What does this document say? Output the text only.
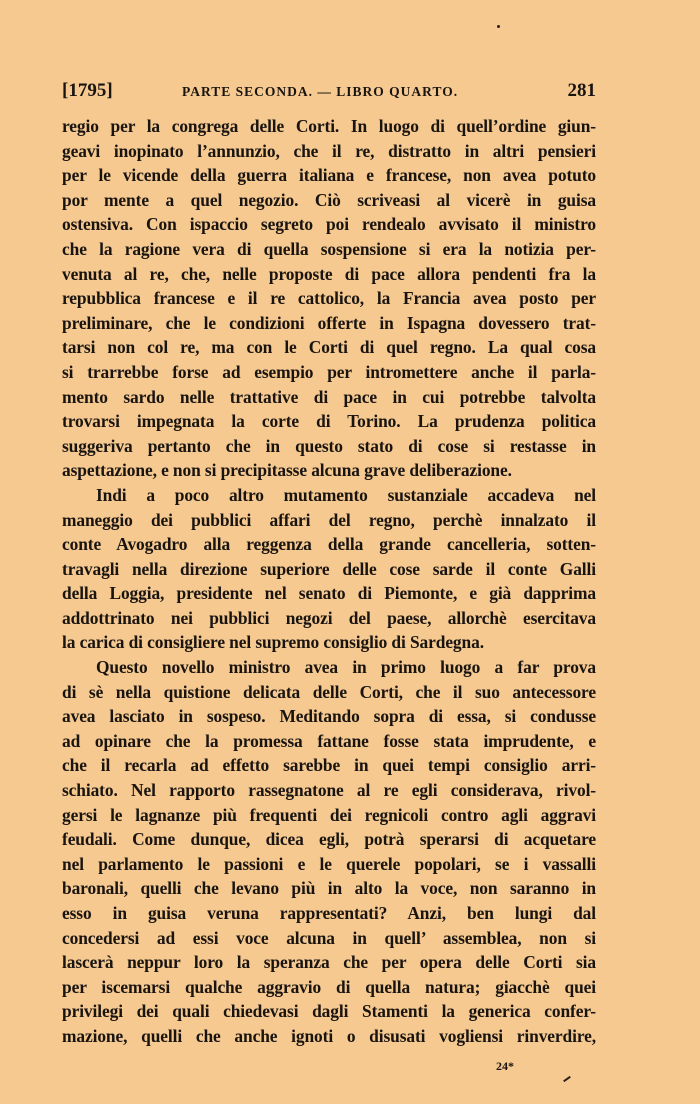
[1795]	PARTE SECONDA. — LIBRO QUARTO.	281
regio per la congrega delle Corti. In luogo di quell’ordine giun-
geavi inopinato l’annunzio, che il re, distratto in altri pensieri
per le vicende della guerra italiana e francese, non avea potuto
por mente a quel negozio. Ciò scriveasi al vicerè in guisa
ostensiva. Con ispaccio segreto poi rendealo avvisato il ministro
che la ragione vera di quella sospensione si era la notizia per-
venuta al re, che, nelle proposte di pace allora pendenti fra la
repubblica francese e il re cattolico, la Francia avea posto per
preliminare, che le condizioni offerte in Ispagna dovessero trat-
tarsi non col re, ma con le Corti di quel regno. La qual cosa
si trarrebbe forse ad esempio per intromettere anche il parla-
mento sardo nelle trattative di pace in cui potrebbe talvolta
trovarsi impegnata la corte di Torino. La prudenza politica
suggeriva pertanto che in questo stato di cose si restasse in
aspettazione, e non si precipitasse alcuna grave deliberazione.
Indi a poco altro mutamento sustanziale accadeva nel
maneggio dei pubblici affari del regno, perchè innalzato il
conte Avogadro alla reggenza della grande cancelleria, sotten-
travagli nella direzione superiore delle cose sarde il conte Galli
della Loggia, presidente nel senato di Piemonte, e già dapprima
addottrinato nei pubblici negozi del paese, allorchè esercitava
la carica di consigliere nel supremo consiglio di Sardegna.
Questo novello ministro avea in primo luogo a far prova
di sè nella quistione delicata delle Corti, che il suo antecessore
avea lasciato in sospeso. Meditando sopra di essa, si condusse
ad opinare che la promessa fattane fosse stata imprudente, e
che il recarla ad effetto sarebbe in quei tempi consiglio arri-
schiato. Nel rapporto rassegnatone al re egli considerava, rivol-
gersi le lagnanze più frequenti dei regnicoli contro agli aggravi
feudali. Come dunque, dicea egli, potrà sperarsi di acquetare
nel parlamento le passioni e le querele popolari, se i vassalli
baronali, quelli che levano più in alto la voce, non saranno in
esso in guisa veruna rappresentati? Anzi, ben lungi dal
concedersi ad essi voce alcuna in quell’ assemblea, non si
lascerà neppur loro la speranza che per opera delle Corti sia
per iscemarsi qualche aggravio di quella natura; giacchè quei
privilegi dei quali chiedevasi dagli Stamenti la generica confer-
mazione, quelli che anche ignoti o disusati vogliensi rinverdire,
24*
